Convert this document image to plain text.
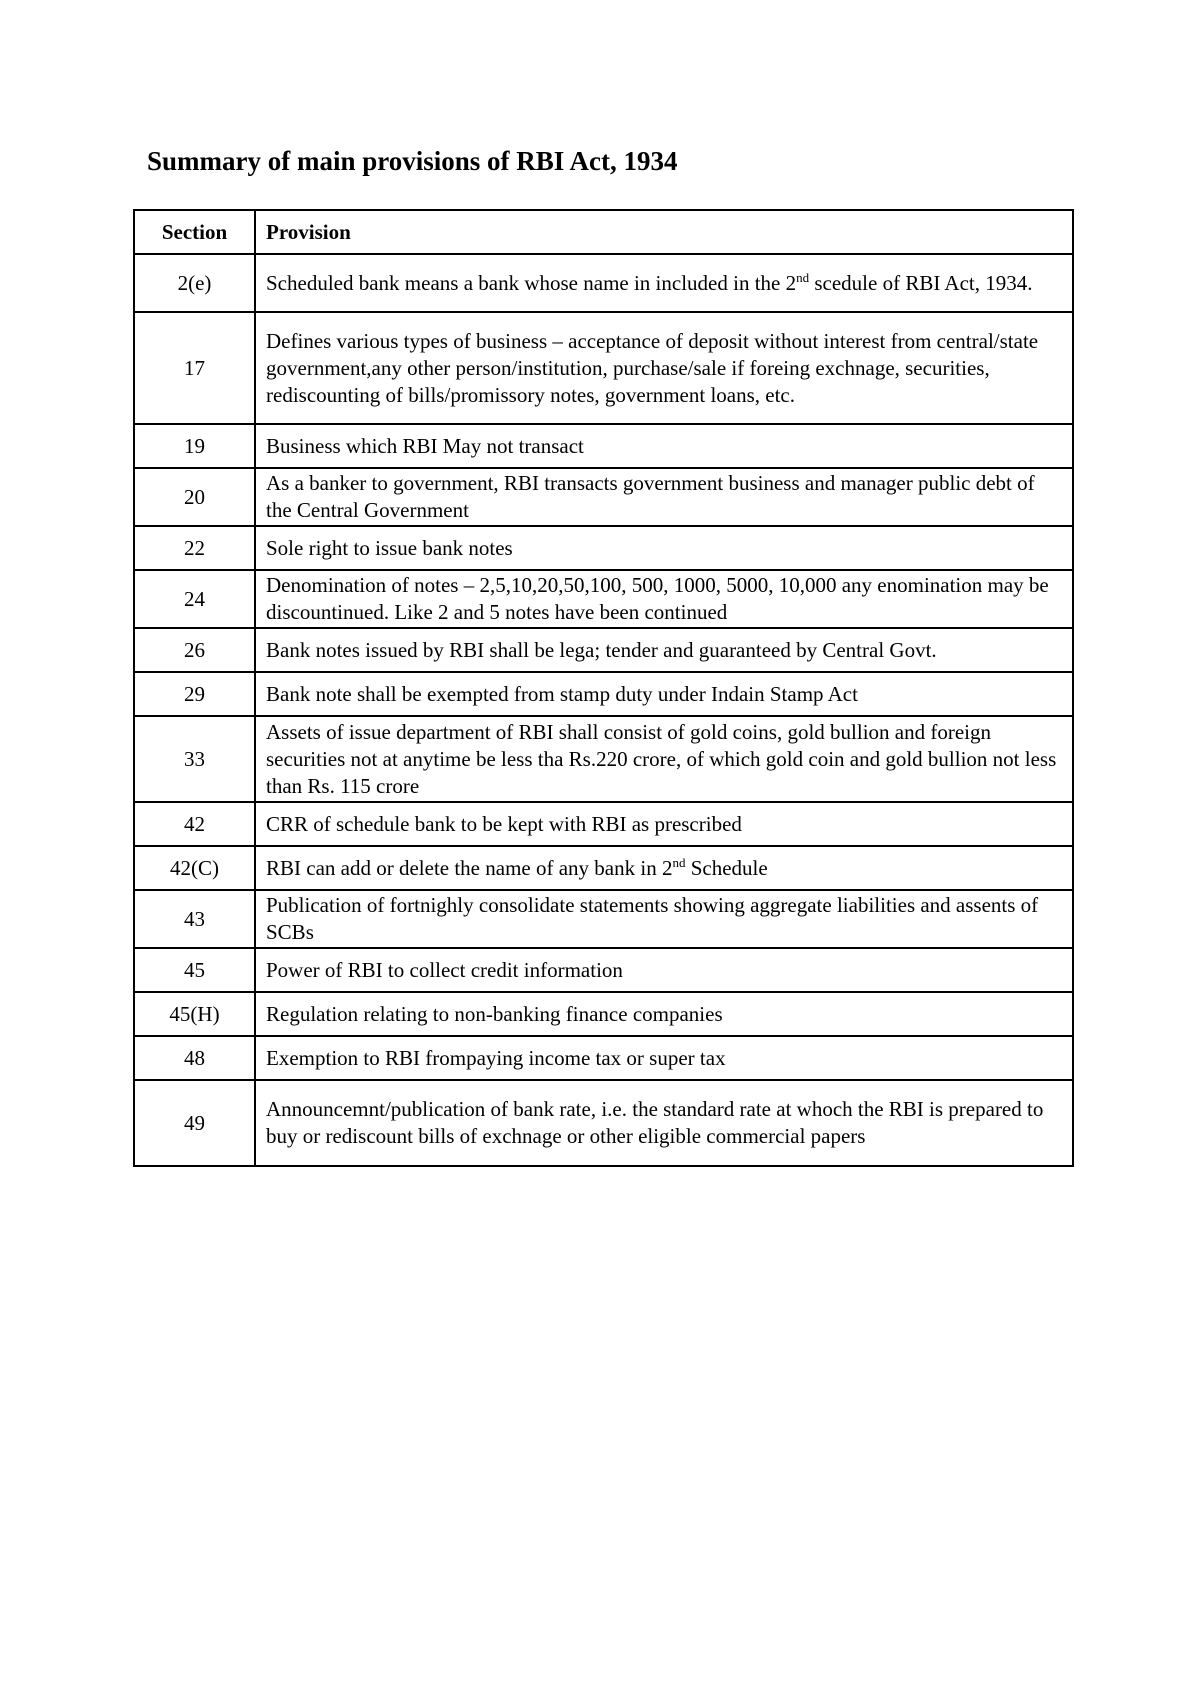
Summary of main provisions of RBI Act, 1934
Section	Provision
2(e)	Scheduled bank means a bank whose name in included in the 2nd scedule of RBI Act, 1934.
17	Defines various types of business – acceptance of deposit without interest from central/state government,any other person/institution, purchase/sale if foreing exchnage, securities, rediscounting of bills/promissory notes, government loans, etc.
19	Business which RBI May not transact
20	As a banker to government, RBI transacts government business and manager public debt of the Central Government
22	Sole right to issue bank notes
24	Denomination of notes – 2,5,10,20,50,100, 500, 1000, 5000, 10,000 any enomination may be discountinued. Like 2 and 5 notes have been continued
26	Bank notes issued by RBI shall be lega; tender and guaranteed by Central Govt.
29	Bank note shall be exempted from stamp duty under Indain Stamp Act
33	Assets of issue department of RBI shall consist of gold coins, gold bullion and foreign securities not at anytime be less tha Rs.220 crore, of which gold coin and gold bullion not less than Rs. 115 crore
42	CRR of schedule bank to be kept with RBI as prescribed
42(C)	RBI can add or delete the name of any bank in 2nd Schedule
43	Publication of fortnighly consolidate statements showing aggregate liabilities and assents of SCBs
45	Power of RBI to collect credit information
45(H)	Regulation relating to non-banking finance companies
48	Exemption to RBI frompaying income tax or super tax
49	Announcemnt/publication of bank rate, i.e. the standard rate at whoch the RBI is prepared to buy or rediscount bills of exchnage or other eligible commercial papers
